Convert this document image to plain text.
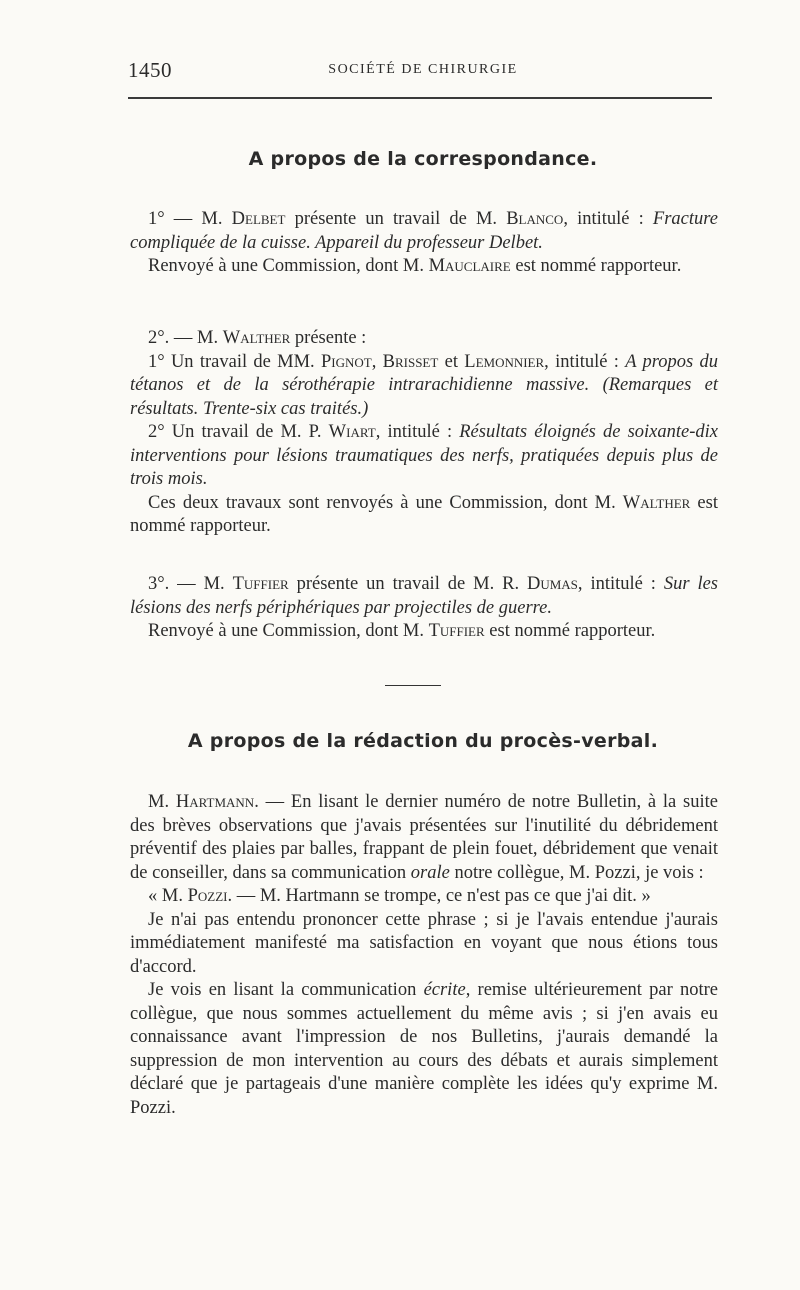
1450	SOCIÉTÉ DE CHIRURGIE
A propos de la correspondance.

1° — M. Delbet présente un travail de M. Blanco, intitulé : Fracture compliquée de la cuisse. Appareil du professeur Delbet.

Renvoyé à une Commission, dont M. Mauclaire est nommé rapporteur.

2°. — M. Walther présente :

1° Un travail de MM. Pignot, Brisset et Lemonnier, intitulé : A propos du tétanos et de la sérothérapie intrarachidienne massive. (Remarques et résultats. Trente-six cas traités.)

2° Un travail de M. P. Wiart, intitulé : Résultats éloignés de soixante-dix interventions pour lésions traumatiques des nerfs, pratiquées depuis plus de trois mois.

Ces deux travaux sont renvoyés à une Commission, dont M. Walther est nommé rapporteur.

3°. — M. Tuffier présente un travail de M. R. Dumas, intitulé : Sur les lésions des nerfs périphériques par projectiles de guerre.

Renvoyé à une Commission, dont M. Tuffier est nommé rapporteur.

A propos de la rédaction du procès-verbal.

M. Hartmann. — En lisant le dernier numéro de notre Bulletin, à la suite des brèves observations que j'avais présentées sur l'inutilité du débridement préventif des plaies par balles, frappant de plein fouet, débridement que venait de conseiller, dans sa communication orale notre collègue, M. Pozzi, je vois :

« M. Pozzi. — M. Hartmann se trompe, ce n'est pas ce que j'ai dit. »

Je n'ai pas entendu prononcer cette phrase ; si je l'avais entendue j'aurais immédiatement manifesté ma satisfaction en voyant que nous étions tous d'accord.

Je vois en lisant la communication écrite, remise ultérieurement par notre collègue, que nous sommes actuellement du même avis ; si j'en avais eu connaissance avant l'impression de nos Bulletins, j'aurais demandé la suppression de mon intervention au cours des débats et aurais simplement déclaré que je partageais d'une manière complète les idées qu'y exprime M. Pozzi.
